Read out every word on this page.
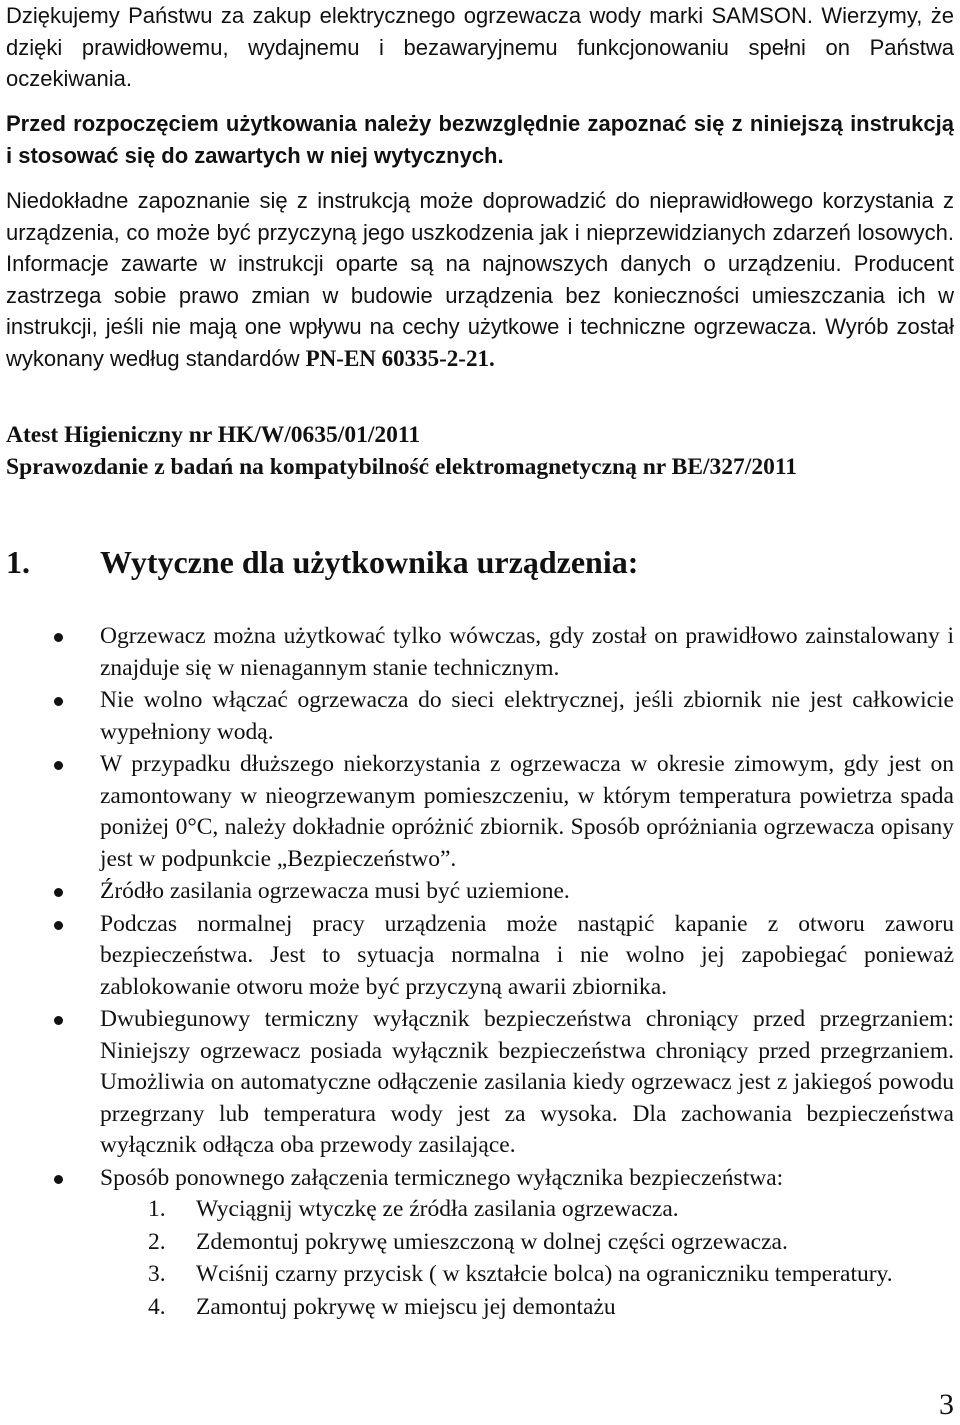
Dziękujemy Państwu za zakup elektrycznego ogrzewacza wody marki SAMSON. Wierzymy, że dzięki prawidłowemu, wydajnemu i bezawaryjnemu funkcjonowaniu spełni on Państwa oczekiwania.

Przed rozpoczęciem użytkowania należy bezwzględnie zapoznać się z niniejszą instrukcją i stosować się do zawartych w niej wytycznych.

Niedokładne zapoznanie się z instrukcją może doprowadzić do nieprawidłowego korzystania z urządzenia, co może być przyczyną jego uszkodzenia jak i nieprzewidzianych zdarzeń losowych. Informacje zawarte w instrukcji oparte są na najnowszych danych o urządzeniu. Producent zastrzega sobie prawo zmian w budowie urządzenia bez konieczności umieszczania ich w instrukcji, jeśli nie mają one wpływu na cechy użytkowe i techniczne ogrzewacza. Wyrób został wykonany według standardów PN-EN 60335-2-21.

Atest Higieniczny nr HK/W/0635/01/2011
Sprawozdanie z badań na kompatybilność elektromagnetyczną nr BE/327/2011
1. Wytyczne dla użytkownika urządzenia:
Ogrzewacz można użytkować tylko wówczas, gdy został on prawidłowo zainstalowany i znajduje się w nienagannym stanie technicznym.
Nie wolno włączać ogrzewacza do sieci elektrycznej, jeśli zbiornik nie jest całkowicie wypełniony wodą.
W przypadku dłuższego niekorzystania z ogrzewacza w okresie zimowym, gdy jest on zamontowany w nieogrzewanym pomieszczeniu, w którym temperatura powietrza spada poniżej 0°C, należy dokładnie opróżnić zbiornik. Sposób opróżniania ogrzewacza opisany jest w podpunkcie „Bezpieczeństwo”.
Źródło zasilania ogrzewacza musi być uziemione.
Podczas normalnej pracy urządzenia może nastąpić kapanie z otworu zaworu bezpieczeństwa. Jest to sytuacja normalna i nie wolno jej zapobiegać ponieważ zablokowanie otworu może być przyczyną awarii zbiornika.
Dwubiegunowy termiczny wyłącznik bezpieczeństwa chroniący przed przegrzaniem: Niniejszy ogrzewacz posiada wyłącznik bezpieczeństwa chroniący przed przegrzaniem. Umożliwia on automatyczne odłączenie zasilania kiedy ogrzewacz jest z jakiegoś powodu przegrzany lub temperatura wody jest za wysoka. Dla zachowania bezpieczeństwa wyłącznik odłącza oba przewody zasilające.
Sposób ponownego załączenia termicznego wyłącznika bezpieczeństwa:
1. Wyciągnij wtyczkę ze źródła zasilania ogrzewacza.
2. Zdemontuj pokrywę umieszczoną w dolnej części ogrzewacza.
3. Wciśnij czarny przycisk ( w kształcie bolca) na ograniczniku temperatury.
4. Zamontuj pokrywę w miejscu jej demontażu
3
